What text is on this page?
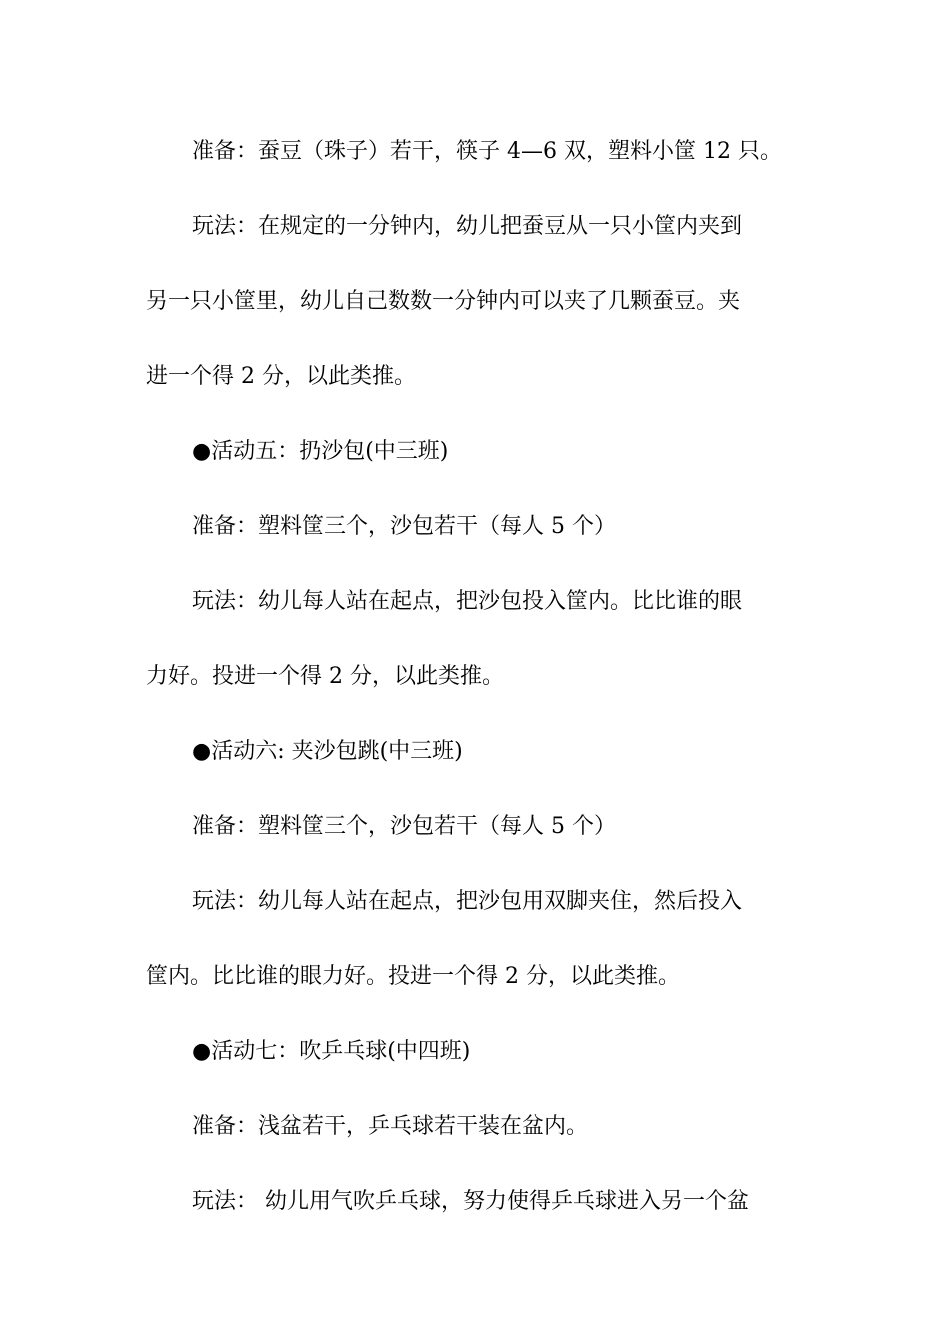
准备：蚕豆（珠子）若干，筷子 4—6 双，塑料小筐 12 只。
玩法：在规定的一分钟内，幼儿把蚕豆从一只小筐内夹到
另一只小筐里，幼儿自己数数一分钟内可以夹了几颗蚕豆。夹
进一个得 2 分，以此类推。
●活动五：扔沙包(中三班)
准备：塑料筐三个，沙包若干（每人 5 个）
玩法：幼儿每人站在起点，把沙包投入筐内。比比谁的眼
力好。投进一个得 2 分，以此类推。
●活动六: 夹沙包跳(中三班)
准备：塑料筐三个，沙包若干（每人 5 个）
玩法：幼儿每人站在起点，把沙包用双脚夹住，然后投入
筐内。比比谁的眼力好。投进一个得 2 分，以此类推。
●活动七：吹乒乓球(中四班)
准备：浅盆若干，乒乓球若干装在盆内。
玩法： 幼儿用气吹乒乓球，努力使得乒乓球进入另一个盆
